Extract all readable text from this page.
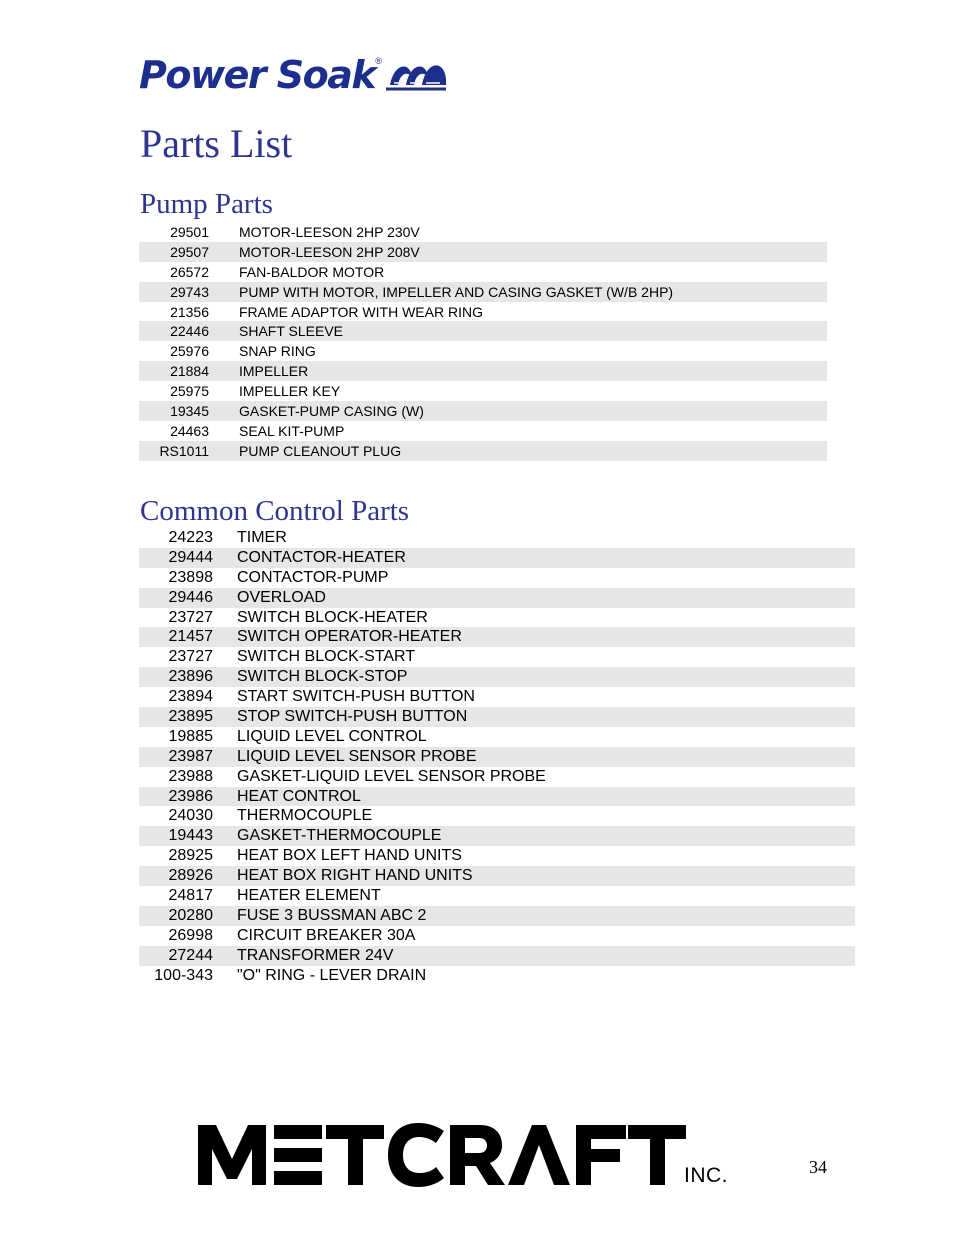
Power Soak ®
Parts List
Pump Parts
29501 MOTOR-LEESON 2HP 230V
29507 MOTOR-LEESON 2HP 208V
26572 FAN-BALDOR MOTOR
29743 PUMP WITH MOTOR, IMPELLER AND CASING GASKET (W/B 2HP)
21356 FRAME ADAPTOR WITH WEAR RING
22446 SHAFT SLEEVE
25976 SNAP RING
21884 IMPELLER
25975 IMPELLER KEY
19345 GASKET-PUMP CASING (W)
24463 SEAL KIT-PUMP
RS1011 PUMP CLEANOUT PLUG
Common Control Parts
24223 TIMER
29444 CONTACTOR-HEATER
23898 CONTACTOR-PUMP
29446 OVERLOAD
23727 SWITCH BLOCK-HEATER
21457 SWITCH OPERATOR-HEATER
23727 SWITCH BLOCK-START
23896 SWITCH BLOCK-STOP
23894 START SWITCH-PUSH BUTTON
23895 STOP SWITCH-PUSH BUTTON
19885 LIQUID LEVEL CONTROL
23987 LIQUID LEVEL SENSOR PROBE
23988 GASKET-LIQUID LEVEL SENSOR PROBE
23986 HEAT CONTROL
24030 THERMOCOUPLE
19443 GASKET-THERMOCOUPLE
28925 HEAT BOX LEFT HAND UNITS
28926 HEAT BOX RIGHT HAND UNITS
24817 HEATER ELEMENT
20280 FUSE 3 BUSSMAN ABC 2
26998 CIRCUIT BREAKER 30A
27244 TRANSFORMER 24V
100-343 "O" RING - LEVER DRAIN
INC.	34
